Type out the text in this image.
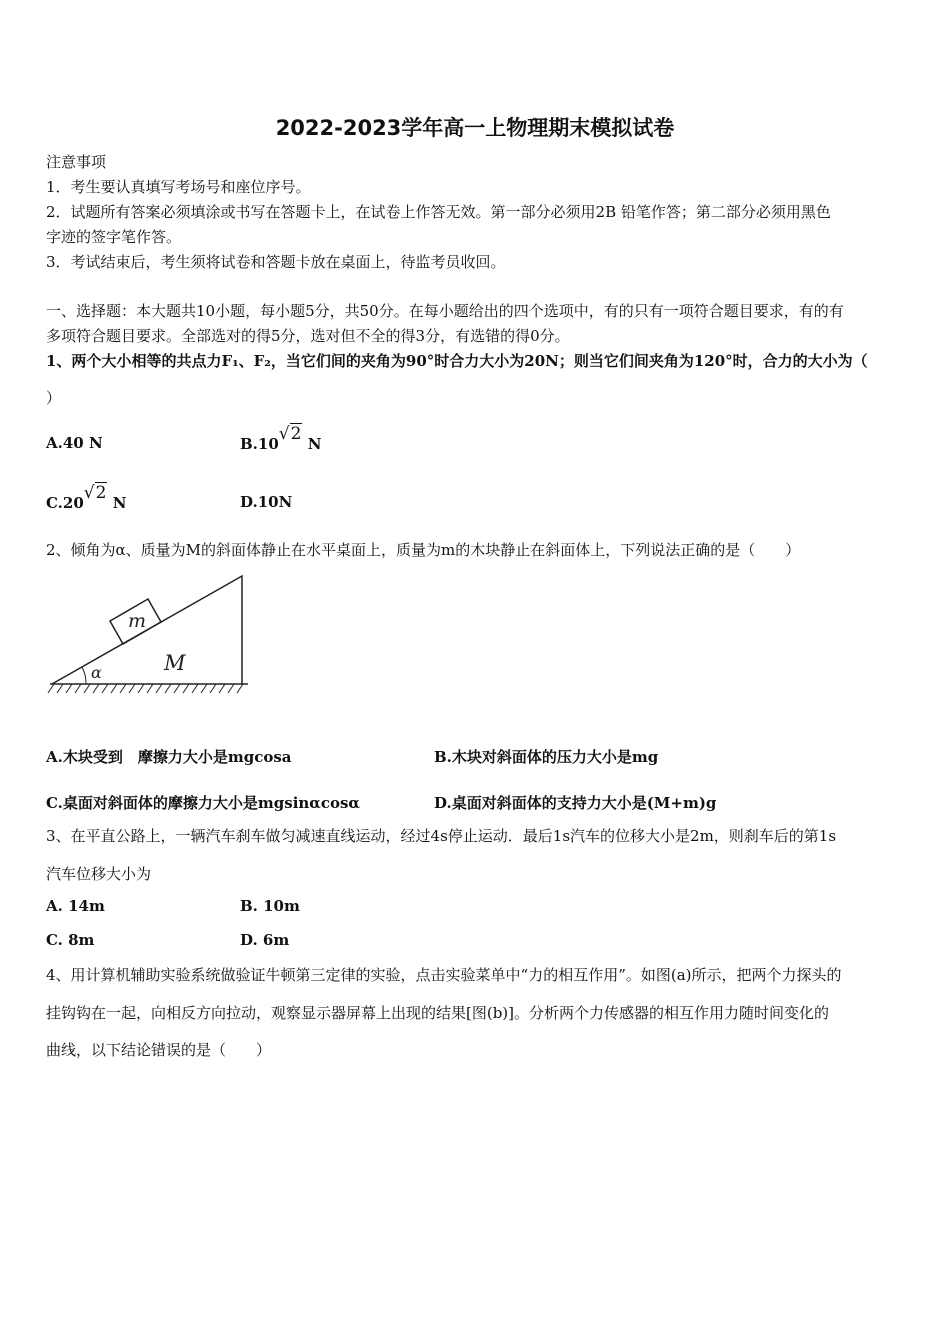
2022-2023学年高一上物理期末模拟试卷
注意事项
1．考生要认真填写考场号和座位序号。
2．试题所有答案必须填涂或书写在答题卡上，在试卷上作答无效。第一部分必须用2B 铅笔作答；第二部分必须用黑色
字迹的签字笔作答。
3．考试结束后，考生须将试卷和答题卡放在桌面上，待监考员收回。
一、选择题：本大题共10小题，每小题5分，共50分。在每小题给出的四个选项中，有的只有一项符合题目要求，有的有
多项符合题目要求。全部选对的得5分，选对但不全的得3分，有选错的得0分。
1、两个大小相等的共点力F₁、F₂，当它们间的夹角为90°时合力大小为20N；则当它们间夹角为120°时，合力的大小为（
）
A.40 N	B.10√2 N
C.20√2 N	D.10N
2、倾角为α、质量为M的斜面体静止在水平桌面上，质量为m的木块静止在斜面体上，下列说法正确的是（　　）
m
M
α
A.木块受到　摩擦力大小是mgcosa	B.木块对斜面体的压力大小是mg
C.桌面对斜面体的摩擦力大小是mgsinαcosα	D.桌面对斜面体的支持力大小是(M+m)g
3、在平直公路上，一辆汽车刹车做匀减速直线运动，经过4s停止运动．最后1s汽车的位移大小是2m，则刹车后的第1s
汽车位移大小为
A. 14m	B. 10m
C. 8m	D. 6m
4、用计算机辅助实验系统做验证牛顿第三定律的实验，点击实验菜单中“力的相互作用”。如图(a)所示，把两个力探头的
挂钩钩在一起，向相反方向拉动，观察显示器屏幕上出现的结果[图(b)]。分析两个力传感器的相互作用力随时间变化的
曲线，以下结论错误的是（　　）
